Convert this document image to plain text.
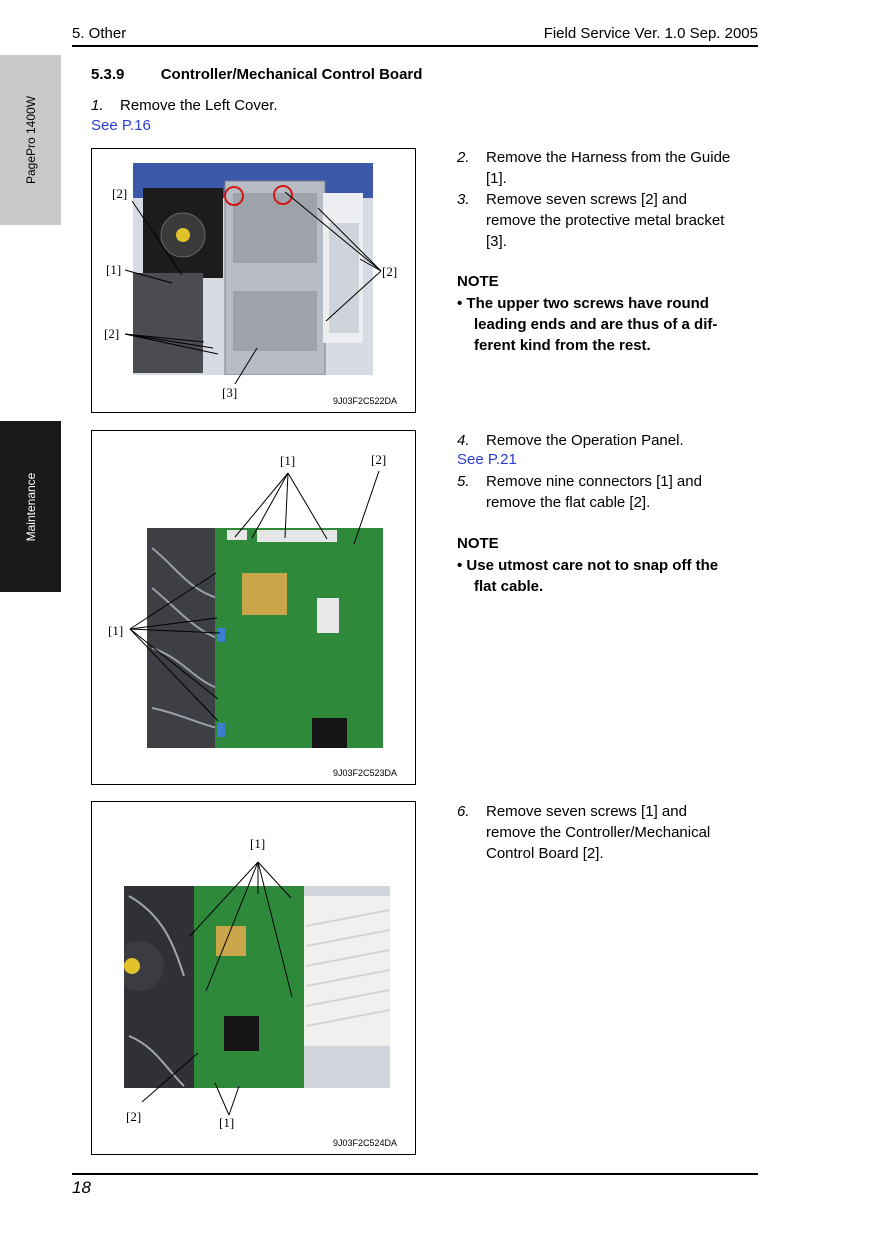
5. Other	Field Service Ver. 1.0 Sep. 2005
PagePro 1400W
Maintenance
5.3.9 Controller/Mechanical Control Board
1. Remove the Left Cover.
See P.16
[2]
[1]
[2]
[2]
[3]
9J03F2C522DA
2. Remove the Harness from the Guide
[1].
3. Remove seven screws [2] and
remove the protective metal bracket
[3].
NOTE
• The upper two screws have round
leading ends and are thus of a dif-
ferent kind from the rest.
[1]	[2]
[1]
9J03F2C523DA
4. Remove the Operation Panel.
See P.21
5. Remove nine connectors [1] and
remove the flat cable [2].
NOTE
• Use utmost care not to snap off the
flat cable.
[1]
[2]	[1]
9J03F2C524DA
6. Remove seven screws [1] and
remove the Controller/Mechanical
Control Board [2].
18
